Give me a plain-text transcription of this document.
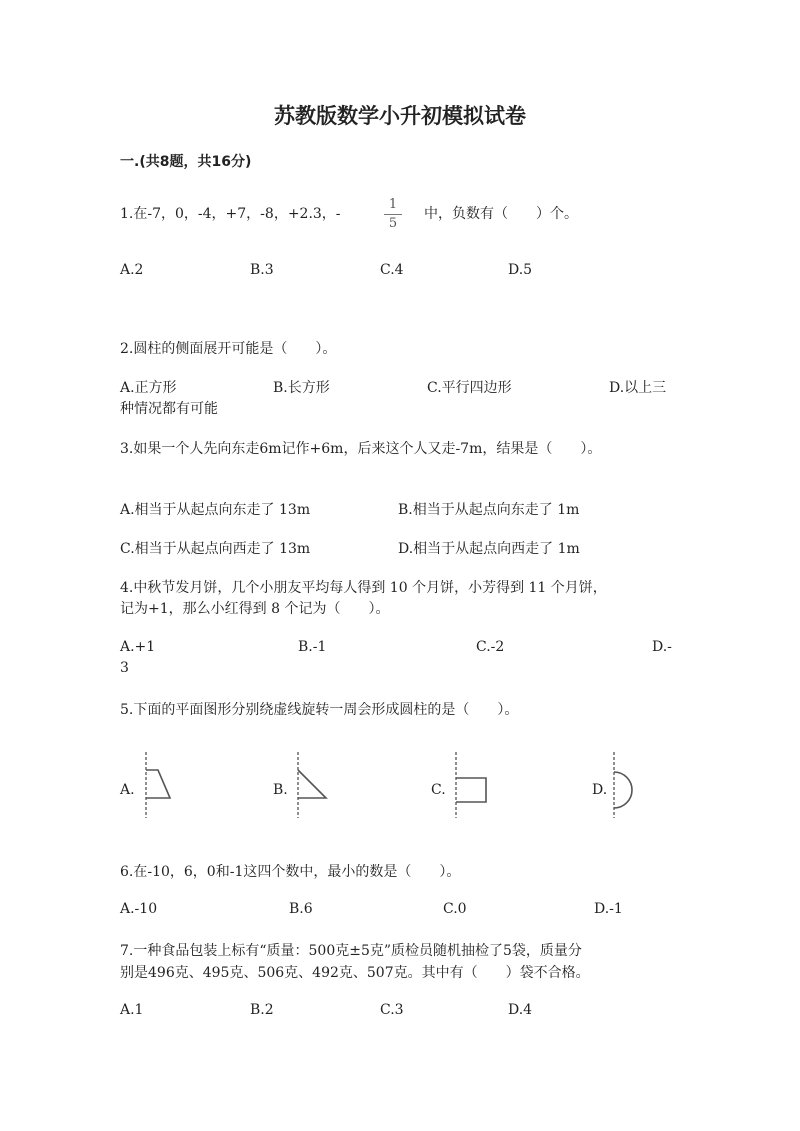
苏教版数学小升初模拟试卷
一.(共8题，共16分)
1.在-7，0，-4，+7，-8，+2.3，-
1
5
中，负数有（　　）个。
A.2	B.3	C.4	D.5
2.圆柱的侧面展开可能是（　　）。
A.正方形	B.长方形	C.平行四边形	D.以上三
种情况都有可能
3.如果一个人先向东走6m记作+6m，后来这个人又走-7m，结果是（　　）。
A.相当于从起点向东走了 13m	B.相当于从起点向东走了 1m
C.相当于从起点向西走了 13m	D.相当于从起点向西走了 1m
4.中秋节发月饼，几个小朋友平均每人得到 10 个月饼，小芳得到 11 个月饼，
记为+1，那么小红得到 8 个记为（　　）。
A.+1	B.-1	C.-2	D.-
3
5.下面的平面图形分别绕虚线旋转一周会形成圆柱的是（　　）。
A.	B.	C.	D.
6.在-10，6，0和-1这四个数中，最小的数是（　　）。
A.-10	B.6	C.0	D.-1
7.一种食品包装上标有“质量：500克±5克”质检员随机抽检了5袋，质量分
别是496克、495克、506克、492克、507克。其中有（　　）袋不合格。
A.1	B.2	C.3	D.4
